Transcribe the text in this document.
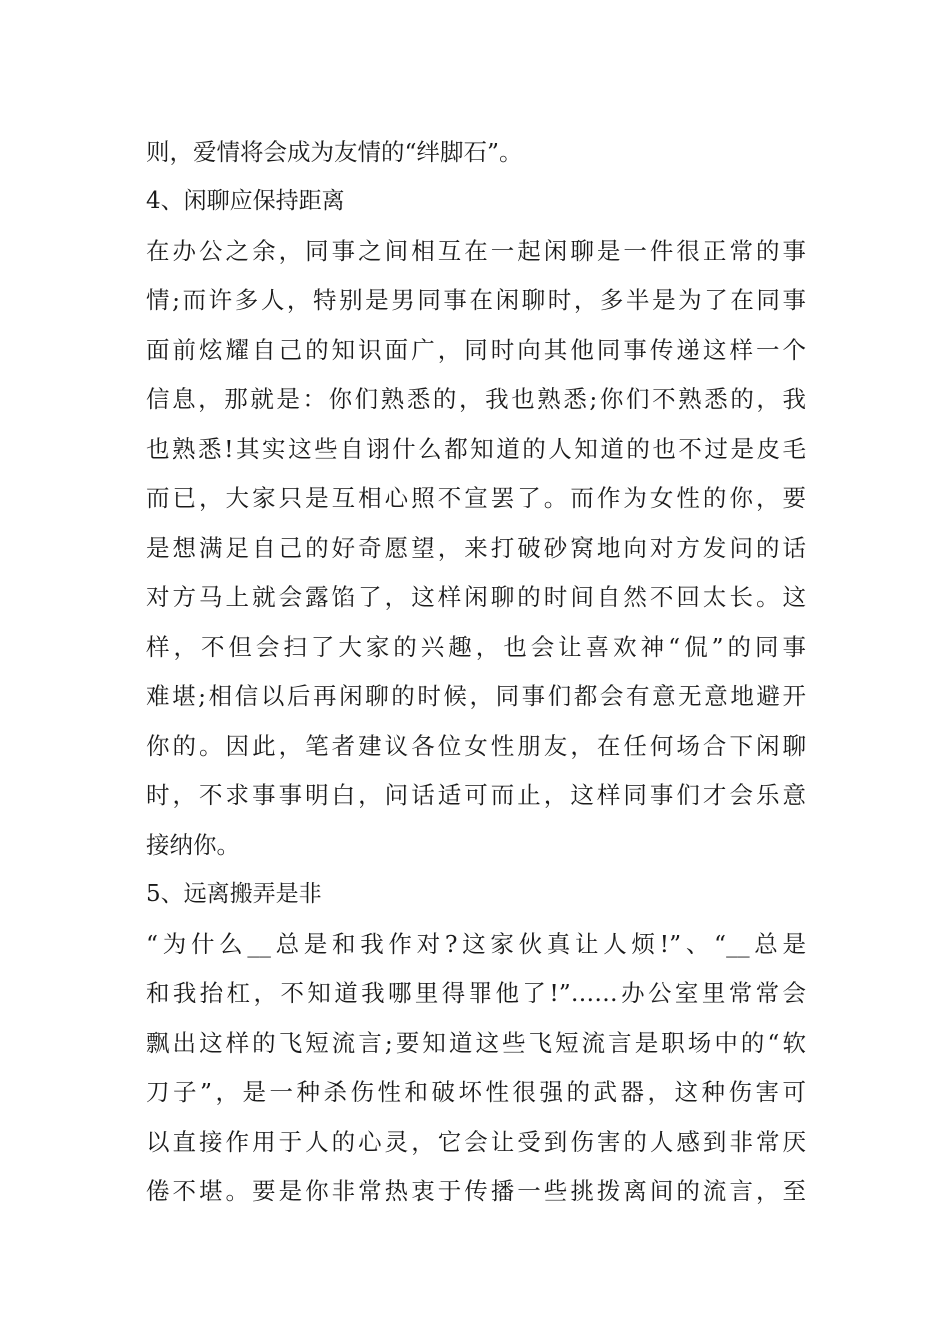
则，爱情将会成为友情的“绊脚石”。

4、闲聊应保持距离

在办公之余，同事之间相互在一起闲聊是一件很正常的事

情;而许多人，特别是男同事在闲聊时，多半是为了在同事

面前炫耀自己的知识面广，同时向其他同事传递这样一个

信息，那就是：你们熟悉的，我也熟悉;你们不熟悉的，我

也熟悉!其实这些自诩什么都知道的人知道的也不过是皮毛

而已，大家只是互相心照不宣罢了。而作为女性的你，要

是想满足自己的好奇愿望，来打破砂窝地向对方发问的话

对方马上就会露馅了，这样闲聊的时间自然不回太长。这

样，不但会扫了大家的兴趣，也会让喜欢神“侃”的同事

难堪;相信以后再闲聊的时候，同事们都会有意无意地避开

你的。因此，笔者建议各位女性朋友，在任何场合下闲聊

时，不求事事明白，问话适可而止，这样同事们才会乐意

接纳你。

5、远离搬弄是非

“为什么__总是和我作对?这家伙真让人烦!”、“__总是

和我抬杠，不知道我哪里得罪他了!”……办公室里常常会

飘出这样的飞短流言;要知道这些飞短流言是职场中的“软

刀子”，是一种杀伤性和破坏性很强的武器，这种伤害可

以直接作用于人的心灵，它会让受到伤害的人感到非常厌

倦不堪。要是你非常热衷于传播一些挑拨离间的流言，至
